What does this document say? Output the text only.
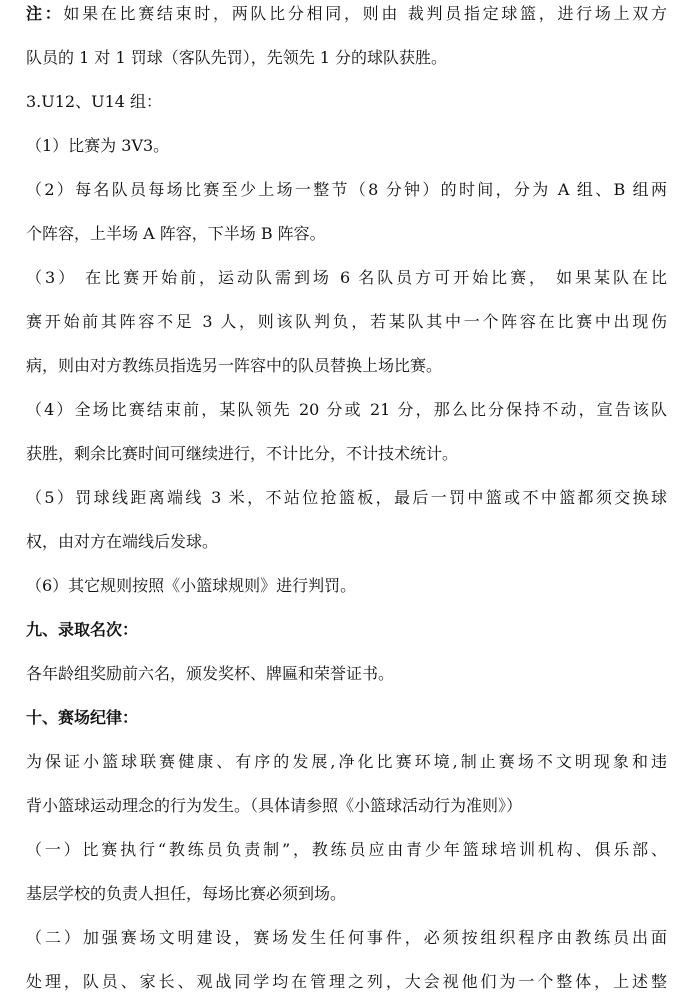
注：如果在比赛结束时，两队比分相同，则由 裁判员指定球篮，进行场上双方

队员的 1 对 1 罚球（客队先罚），先领先 1 分的球队获胜。

3.U12、U14 组：

（1）比赛为 3V3。

（2）每名队员每场比赛至少上场一整节（8 分钟）的时间，分为 A 组、B 组两

个阵容，上半场 A 阵容，下半场 B 阵容。

（3） 在比赛开始前，运动队需到场 6 名队员方可开始比赛， 如果某队在比

赛开始前其阵容不足 3 人，则该队判负，若某队其中一个阵容在比赛中出现伤

病，则由对方教练员指选另一阵容中的队员替换上场比赛。

（4）全场比赛结束前，某队领先 20 分或 21 分，那么比分保持不动，宣告该队

获胜，剩余比赛时间可继续进行，不计比分，不计技术统计。

（5）罚球线距离端线 3 米，不站位抢篮板，最后一罚中篮或不中篮都须交换球

权，由对方在端线后发球。

（6）其它规则按照《小篮球规则》进行判罚。

九、录取名次：

各年龄组奖励前六名，颁发奖杯、牌匾和荣誉证书。

十、赛场纪律：

为保证小篮球联赛健康、有序的发展,净化比赛环境,制止赛场不文明现象和违

背小篮球运动理念的行为发生。（具体请参照《小篮球活动行为准则》）

（一）比赛执行“教练员负责制”，教练员应由青少年篮球培训机构、俱乐部、

基层学校的负责人担任，每场比赛必须到场。

（二）加强赛场文明建设，赛场发生任何事件，必须按组织程序由教练员出面

处理，队员、家长、观战同学均在管理之列，大会视他们为一个整体，上述整
